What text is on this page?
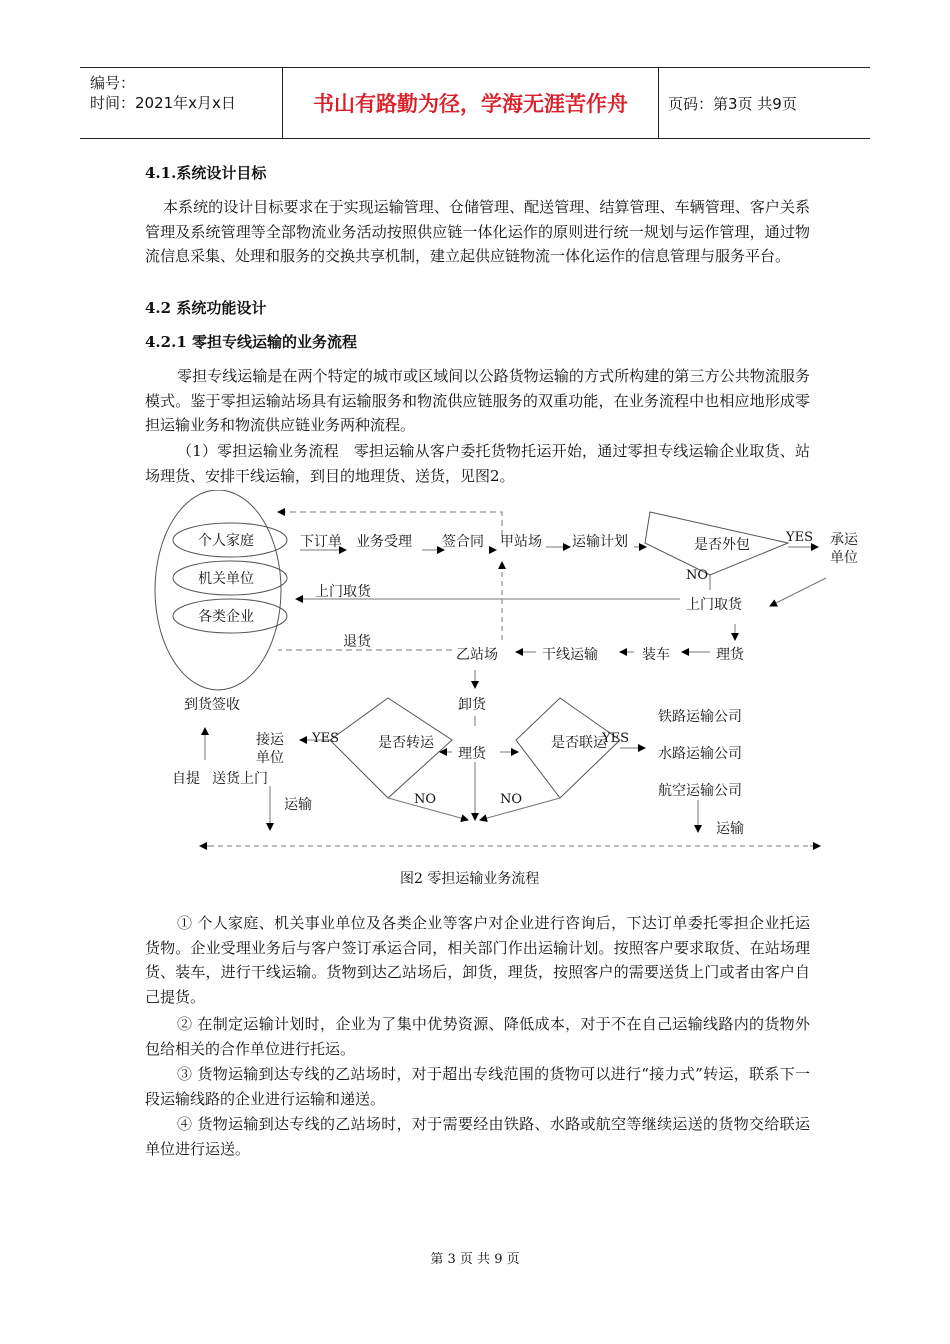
编号：
时间：2021年x月x日	书山有路勤为径，学海无涯苦作舟	页码：第3页 共9页
4.1.系统设计目标

本系统的设计目标要求在于实现运输管理、仓储管理、配送管理、结算管理、车辆管理、客户关系管理及系统管理等全部物流业务活动按照供应链一体化运作的原则进行统一规划与运作管理，通过物流信息采集、处理和服务的交换共享机制，建立起供应链物流一体化运作的信息管理与服务平台。

4.2 系统功能设计
4.2.1 零担专线运输的业务流程

零担专线运输是在两个特定的城市或区域间以公路货物运输的方式所构建的第三方公共物流服务模式。鉴于零担运输站场具有运输服务和物流供应链服务的双重功能，在业务流程中也相应地形成零担运输业务和物流供应链业务两种流程。

（1）零担运输业务流程 零担运输从客户委托货物托运开始，通过零担专线运输企业取货、站场理货、安排干线运输，到目的地理货、送货，见图2。

个人家庭
机关单位
各类企业
下订单 业务受理 签合同 甲站场 运输计划	是否外包	YES 承运单位
NO
上门取货
上门取货
退货
乙站场	干线运输	装车	理货
到货签收	卸货
接运单位
YES	是否转运
理货
是否联运
YES
铁路运输公司
水路运输公司
航空运输公司
自提 送货上门
运输	NO	NO
运输
图2 零担运输业务流程

① 个人家庭、机关事业单位及各类企业等客户对企业进行咨询后，下达订单委托零担企业托运货物。企业受理业务后与客户签订承运合同，相关部门作出运输计划。按照客户要求取货、在站场理货、装车，进行干线运输。货物到达乙站场后，卸货，理货，按照客户的需要送货上门或者由客户自己提货。

② 在制定运输计划时，企业为了集中优势资源、降低成本，对于不在自己运输线路内的货物外包给相关的合作单位进行托运。

③ 货物运输到达专线的乙站场时，对于超出专线范围的货物可以进行“接力式”转运，联系下一段运输线路的企业进行运输和递送。

④ 货物运输到达专线的乙站场时，对于需要经由铁路、水路或航空等继续运送的货物交给联运单位进行运送。

第 3 页 共 9 页
